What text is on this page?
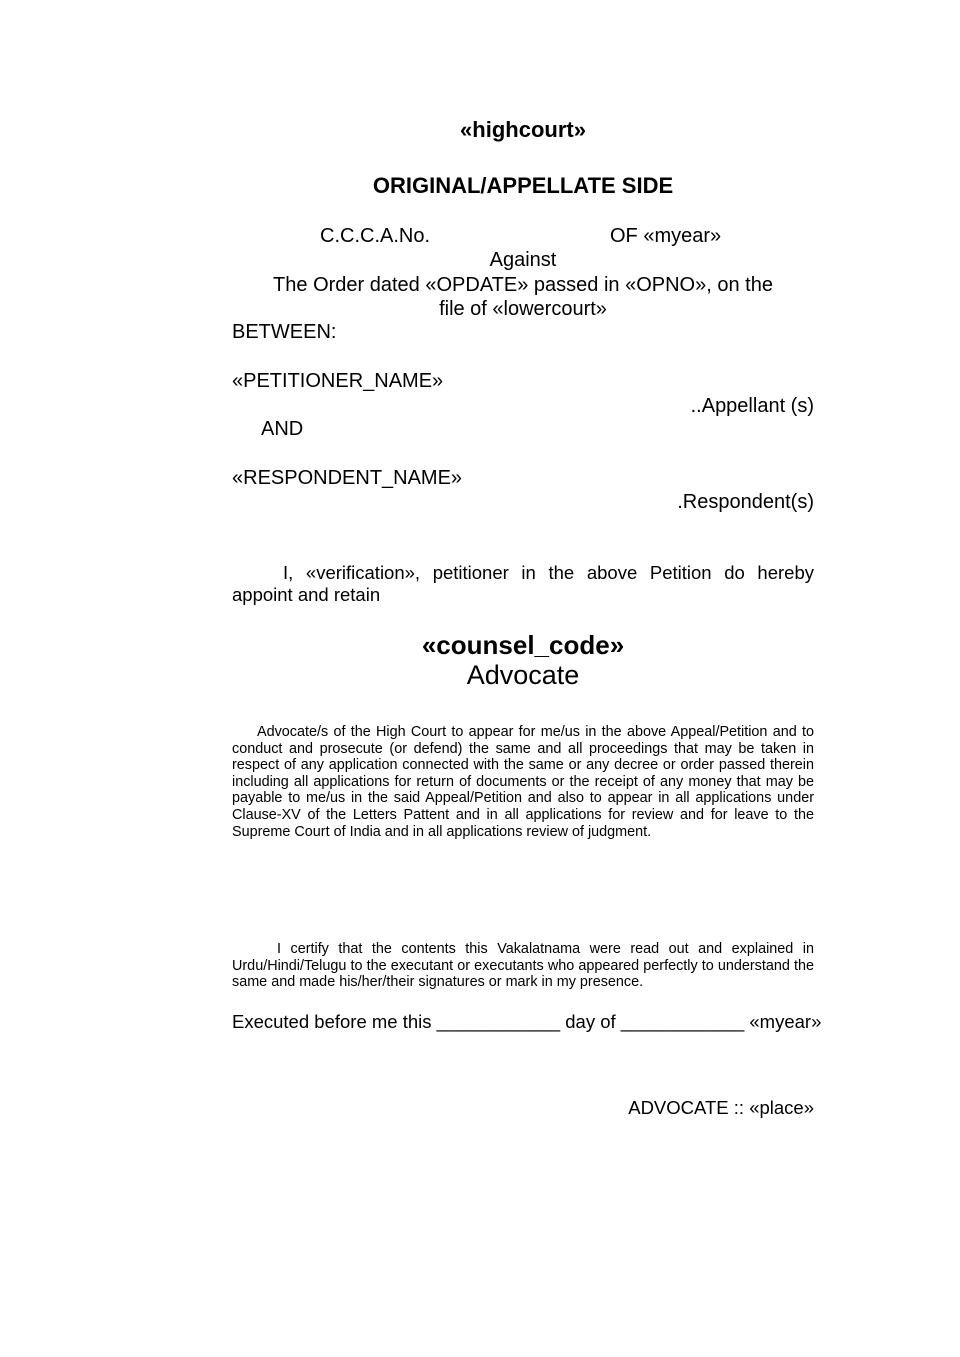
«highcourt»
ORIGINAL/APPELLATE SIDE
C.C.C.A.No.	OF «myear»
Against
The Order dated «OPDATE» passed in «OPNO», on the
file of «lowercourt»
BETWEEN:
«PETITIONER_NAME»
..Appellant (s)
AND
«RESPONDENT_NAME»
.Respondent(s)
I, «verification», petitioner in the above Petition do hereby appoint and retain
«counsel_code»
Advocate
Advocate/s of the High Court to appear for me/us in the above Appeal/Petition and to conduct and prosecute (or defend) the same and all proceedings that may be taken in respect of any application connected with the same or any decree or order passed therein including all applications for return of documents or the receipt of any money that may be payable to me/us in the said Appeal/Petition and also to appear in all applications under Clause-XV of the Letters Pattent and in all applications for review and for leave to the Supreme Court of India and in all applications review of judgment.
I certify that the contents this Vakalatnama were read out and explained in Urdu/Hindi/Telugu to the executant or executants who appeared perfectly to understand the same and made his/her/their signatures or mark in my presence.
Executed before me this ____________ day of ____________ «myear»
ADVOCATE :: «place»
